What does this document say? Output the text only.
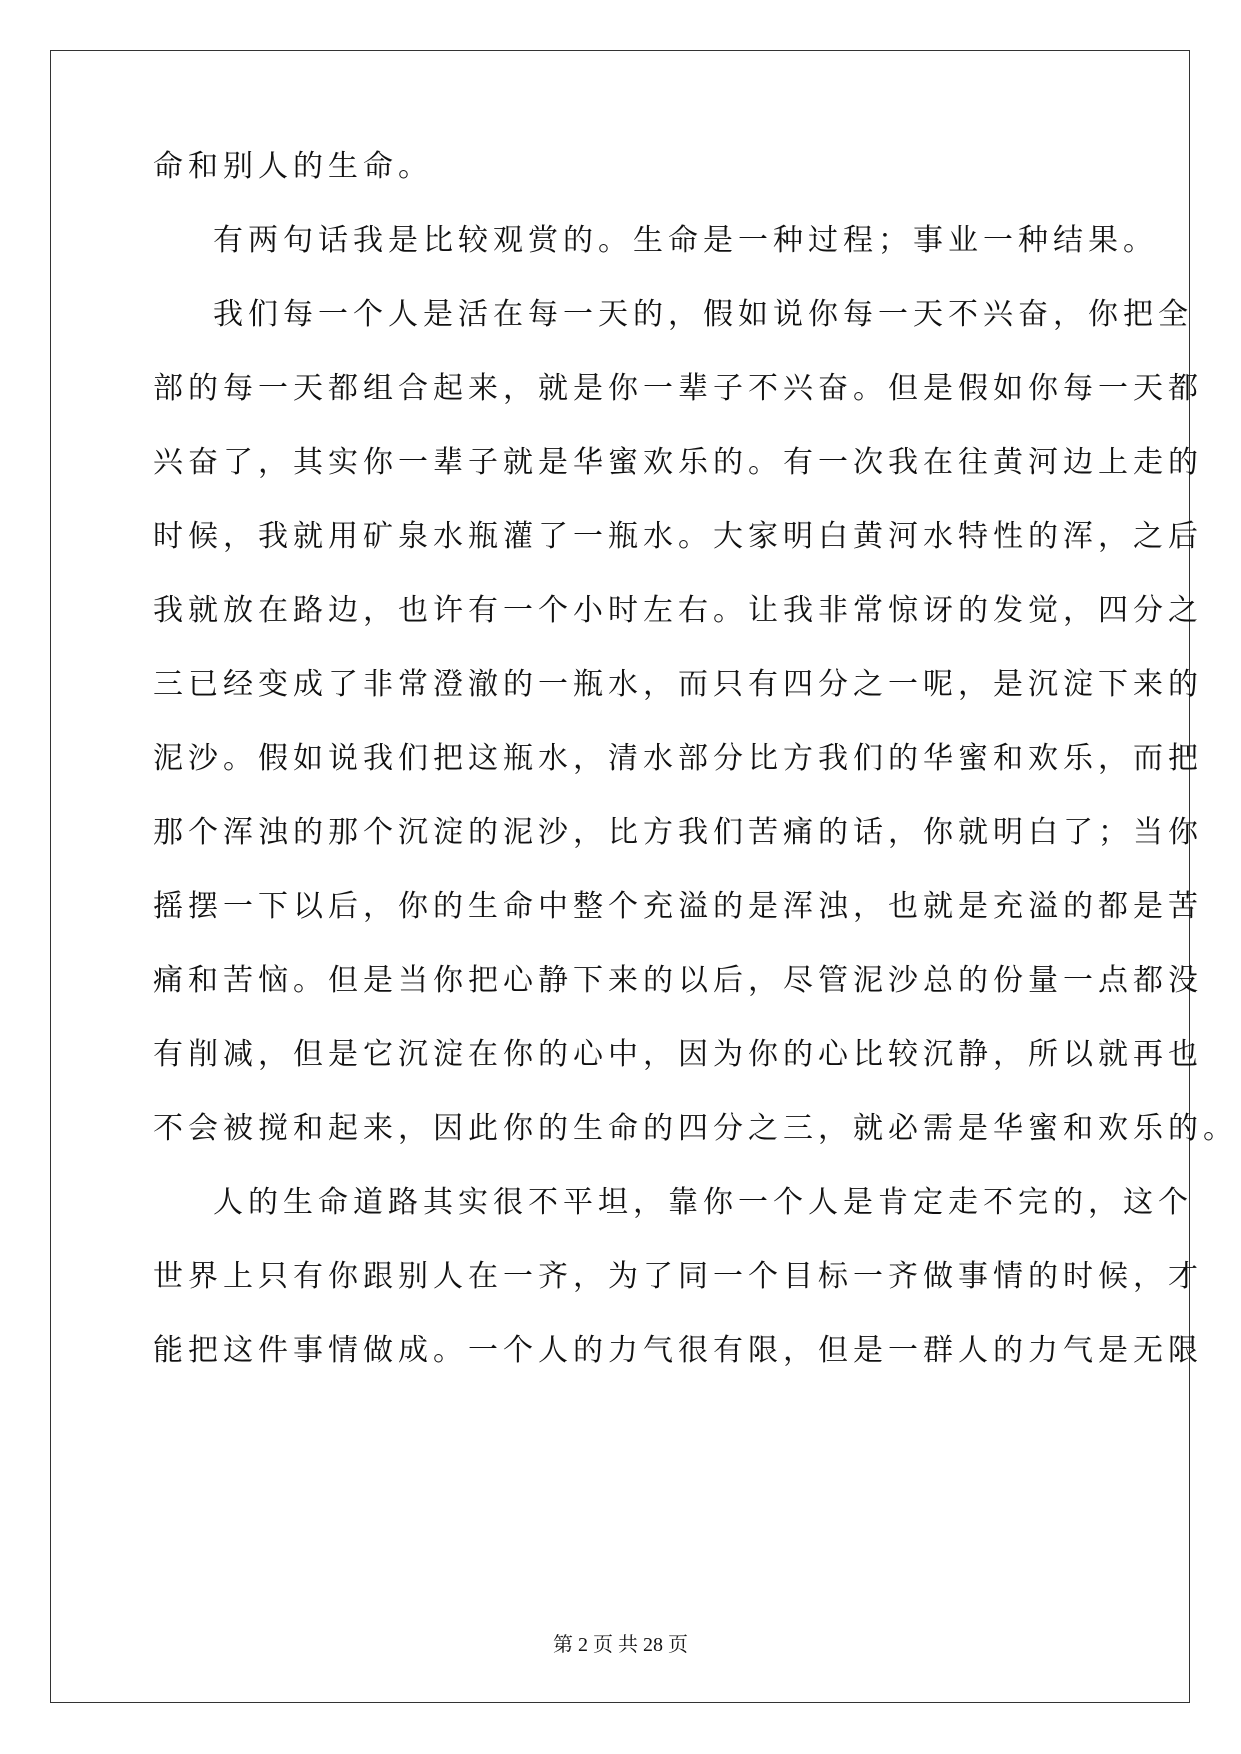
命和别人的生命。
有两句话我是比较观赏的。生命是一种过程；事业一种结果。
我们每一个人是活在每一天的，假如说你每一天不兴奋，你把全
部的每一天都组合起来，就是你一辈子不兴奋。但是假如你每一天都
兴奋了，其实你一辈子就是华蜜欢乐的。有一次我在往黄河边上走的
时候，我就用矿泉水瓶灌了一瓶水。大家明白黄河水特性的浑，之后
我就放在路边，也许有一个小时左右。让我非常惊讶的发觉，四分之
三已经变成了非常澄澈的一瓶水，而只有四分之一呢，是沉淀下来的
泥沙。假如说我们把这瓶水，清水部分比方我们的华蜜和欢乐，而把
那个浑浊的那个沉淀的泥沙，比方我们苦痛的话，你就明白了；当你
摇摆一下以后，你的生命中整个充溢的是浑浊，也就是充溢的都是苦
痛和苦恼。但是当你把心静下来的以后，尽管泥沙总的份量一点都没
有削减，但是它沉淀在你的心中，因为你的心比较沉静，所以就再也
不会被搅和起来，因此你的生命的四分之三，就必需是华蜜和欢乐的。
人的生命道路其实很不平坦，靠你一个人是肯定走不完的，这个
世界上只有你跟别人在一齐，为了同一个目标一齐做事情的时候，才
能把这件事情做成。一个人的力气很有限，但是一群人的力气是无限
第 2 页 共 28 页
